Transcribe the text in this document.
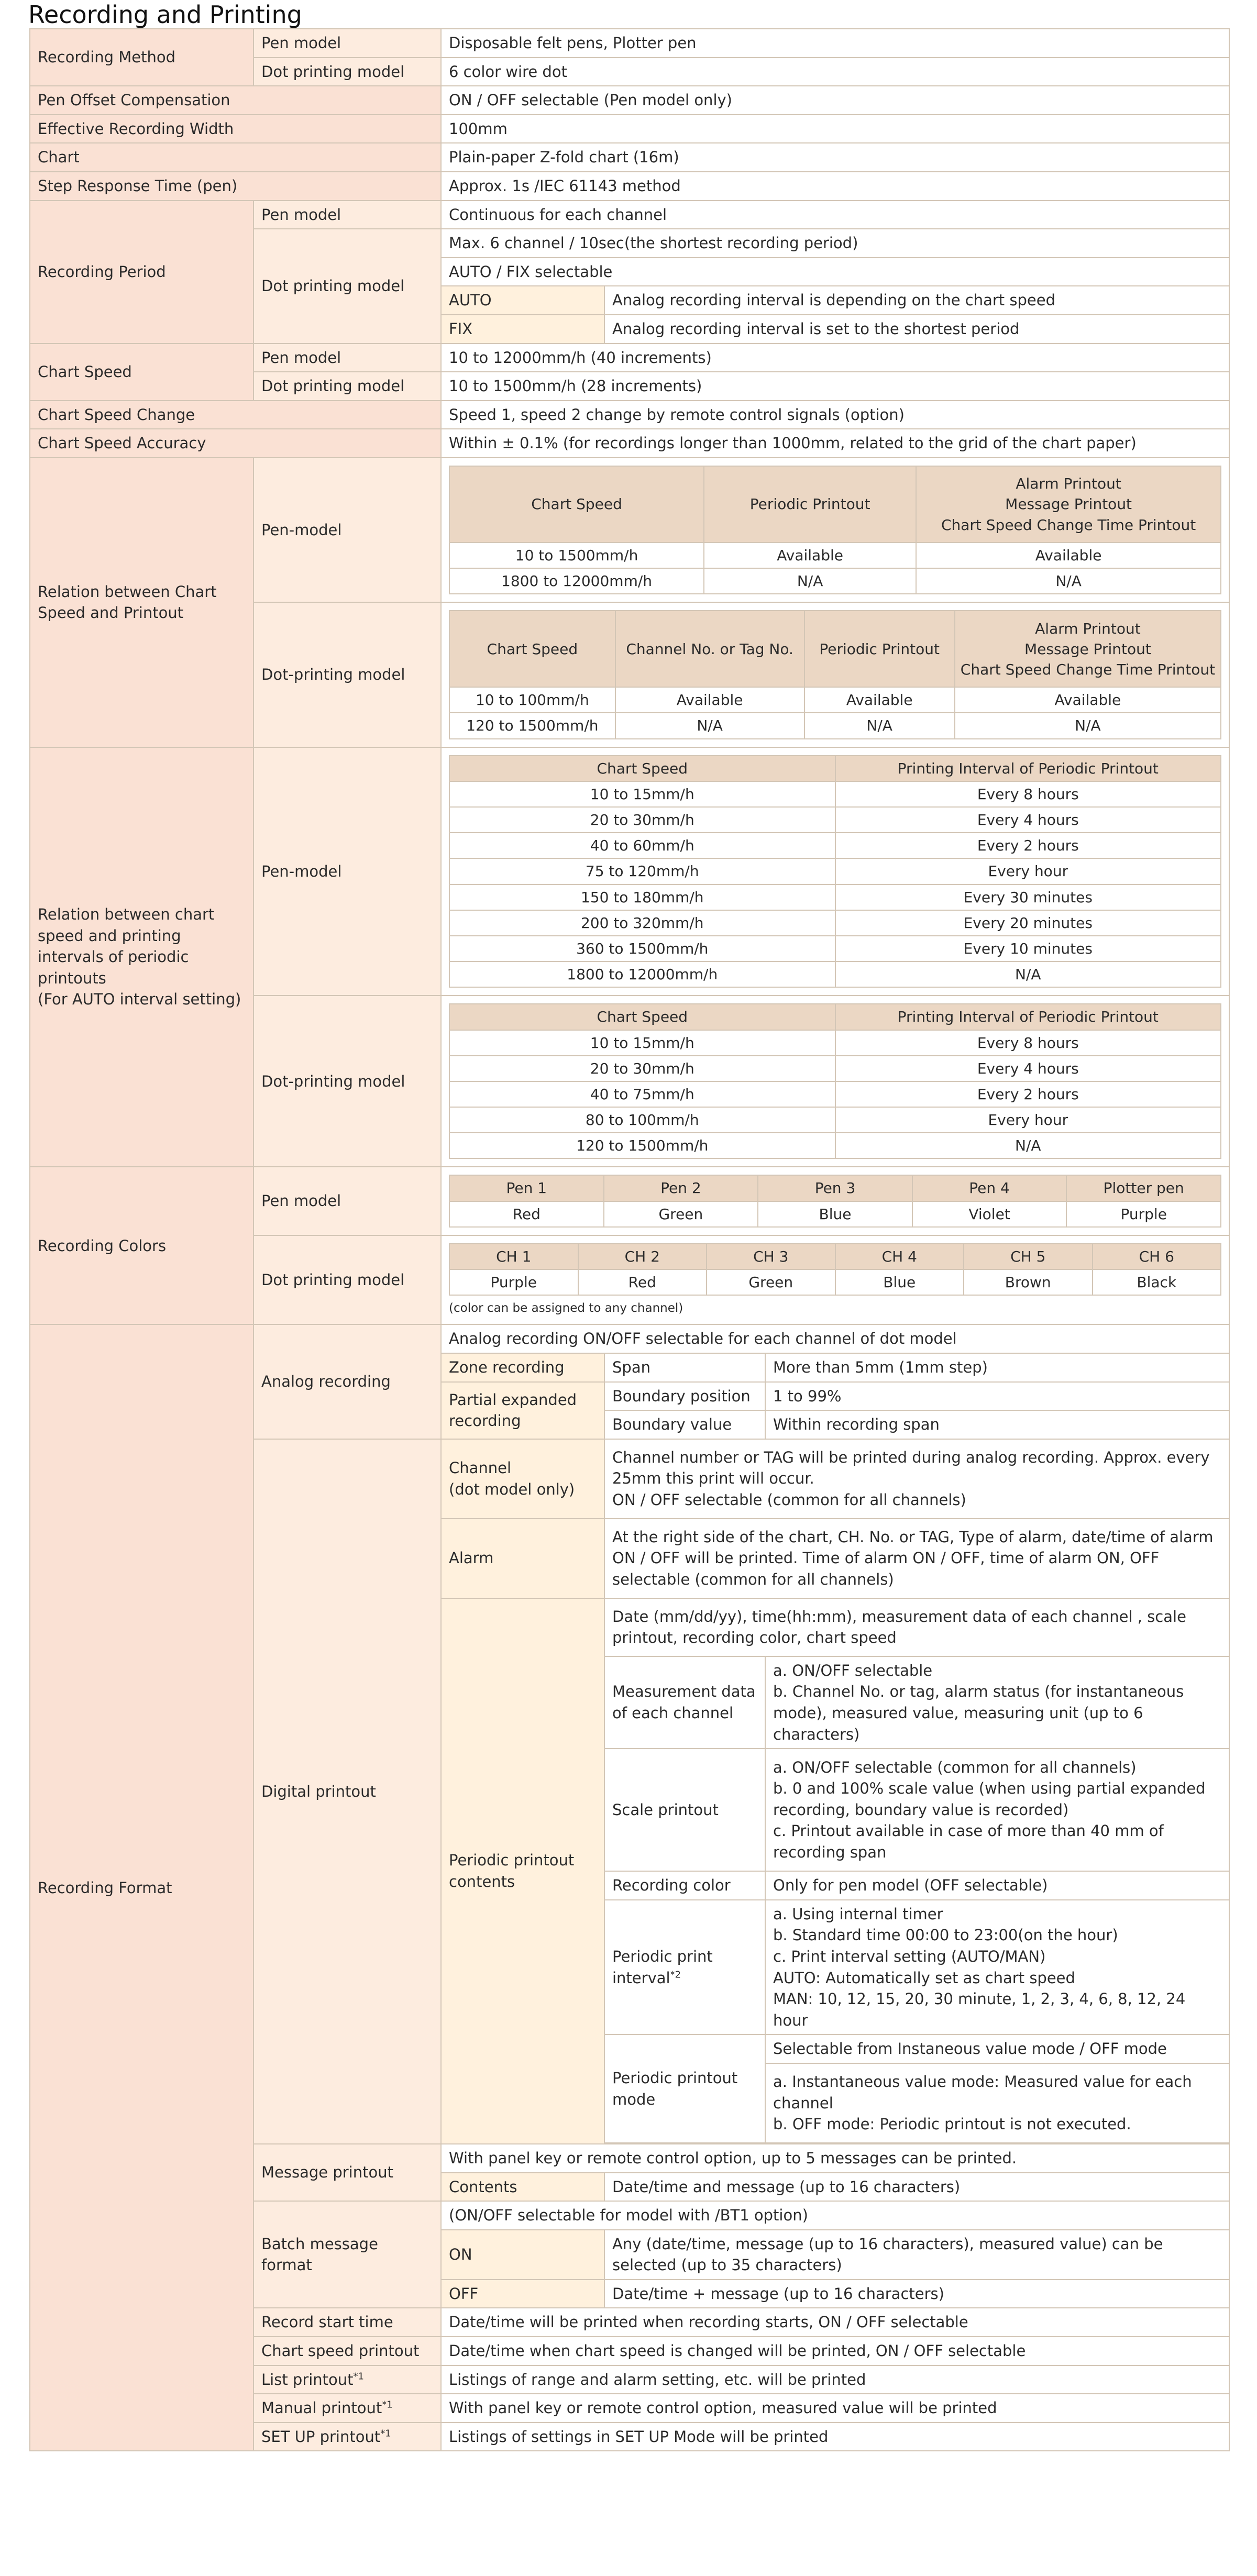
Recording and Printing
Recording Method	Pen model	Disposable felt pens, Plotter pen
Dot printing model	6 color wire dot
Pen Offset Compensation	ON / OFF selectable (Pen model only)
Effective Recording Width	100mm
Chart	Plain-paper Z-fold chart (16m)
Step Response Time (pen)	Approx. 1s /IEC 61143 method
Recording Period	Pen model	Continuous for each channel
Dot printing model	Max. 6 channel / 10sec(the shortest recording period)
AUTO / FIX selectable
AUTO	Analog recording interval is depending on the chart speed
FIX	Analog recording interval is set to the shortest period
Chart Speed	Pen model	10 to 12000mm/h (40 increments)
Dot printing model	10 to 1500mm/h (28 increments)
Chart Speed Change	Speed 1, speed 2 change by remote control signals (option)
Chart Speed Accuracy	Within ± 0.1% (for recordings longer than 1000mm, related to the grid of the chart paper)
Relation between Chart Speed and Printout	Pen-model	
Chart Speed	Periodic Printout	Alarm Printout
Message Printout
Chart Speed Change Time Printout
10 to 1500mm/h	Available	Available
1800 to 12000mm/h	N/A	N/A

Dot-printing model	
Chart Speed	Channel No. or Tag No.	Periodic Printout	Alarm Printout
Message Printout
Chart Speed Change Time Printout
10 to 100mm/h	Available	Available	Available
120 to 1500mm/h	N/A	N/A	N/A

Relation between chart speed and printing intervals of periodic printouts
(For AUTO interval setting)	Pen-model	
Chart Speed	Printing Interval of Periodic Printout
10 to 15mm/h	Every 8 hours
20 to 30mm/h	Every 4 hours
40 to 60mm/h	Every 2 hours
75 to 120mm/h	Every hour
150 to 180mm/h	Every 30 minutes
200 to 320mm/h	Every 20 minutes
360 to 1500mm/h	Every 10 minutes
1800 to 12000mm/h	N/A

Dot-printing model	
Chart Speed	Printing Interval of Periodic Printout
10 to 15mm/h	Every 8 hours
20 to 30mm/h	Every 4 hours
40 to 75mm/h	Every 2 hours
80 to 100mm/h	Every hour
120 to 1500mm/h	N/A

Recording Colors	Pen model	
Pen 1	Pen 2	Pen 3	Pen 4	Plotter pen
Red	Green	Blue	Violet	Purple

Dot printing model	
CH 1	CH 2	CH 3	CH 4	CH 5	CH 6
Purple	Red	Green	Blue	Brown	Black
(color can be assigned to any channel)

Recording Format	Analog recording	Analog recording ON/OFF selectable for each channel of dot model
Zone recording	Span	More than 5mm (1mm step)
Partial expanded recording	Boundary position	1 to 99%
Boundary value	Within recording span
Digital printout	Channel
(dot model only)	Channel number or TAG will be printed during analog recording. Approx. every 25mm this print will occur.
ON / OFF selectable (common for all channels)
Alarm	At the right side of the chart, CH. No. or TAG, Type of alarm, date/time of alarm ON / OFF will be printed. Time of alarm ON / OFF, time of alarm ON, OFF selectable (common for all channels)
Periodic printout contents	Date (mm/dd/yy), time(hh:mm), measurement data of each channel , scale printout, recording color, chart speed
Measurement data of each channel	a. ON/OFF selectable
b. Channel No. or tag, alarm status (for instantaneous mode), measured value, measuring unit (up to 6 characters)
Scale printout	a. ON/OFF selectable (common for all channels)
b. 0 and 100% scale value (when using partial expanded recording, boundary value is recorded)
c. Printout available in case of more than 40 mm of recording span
Recording color	Only for pen model (OFF selectable)
Periodic print interval$^{*2}$	a. Using internal timer
b. Standard time 00:00 to 23:00(on the hour)
c. Print interval setting (AUTO/MAN)
AUTO: Automatically set as chart speed
MAN: 10, 12, 15, 20, 30 minute, 1, 2, 3, 4, 6, 8, 12, 24 hour
Periodic printout mode	Selectable from Instaneous value mode / OFF mode
a. Instantaneous value mode: Measured value for each channel
b. OFF mode: Periodic printout is not executed.

Message printout	With panel key or remote control option, up to 5 messages can be printed.
Contents	Date/time and message (up to 16 characters)
Batch message format	(ON/OFF selectable for model with /BT1 option)
ON	Any (date/time, message (up to 16 characters), measured value) can be selected (up to 35 characters)
OFF	Date/time + message (up to 16 characters)
Record start time	Date/time will be printed when recording starts, ON / OFF selectable
Chart speed printout	Date/time when chart speed is changed will be printed, ON / OFF selectable
List printout$^{*1}$	Listings of range and alarm setting, etc. will be printed
Manual printout$^{*1}$	With panel key or remote control option, measured value will be printed
SET UP printout$^{*1}$	Listings of settings in SET UP Mode will be printed
